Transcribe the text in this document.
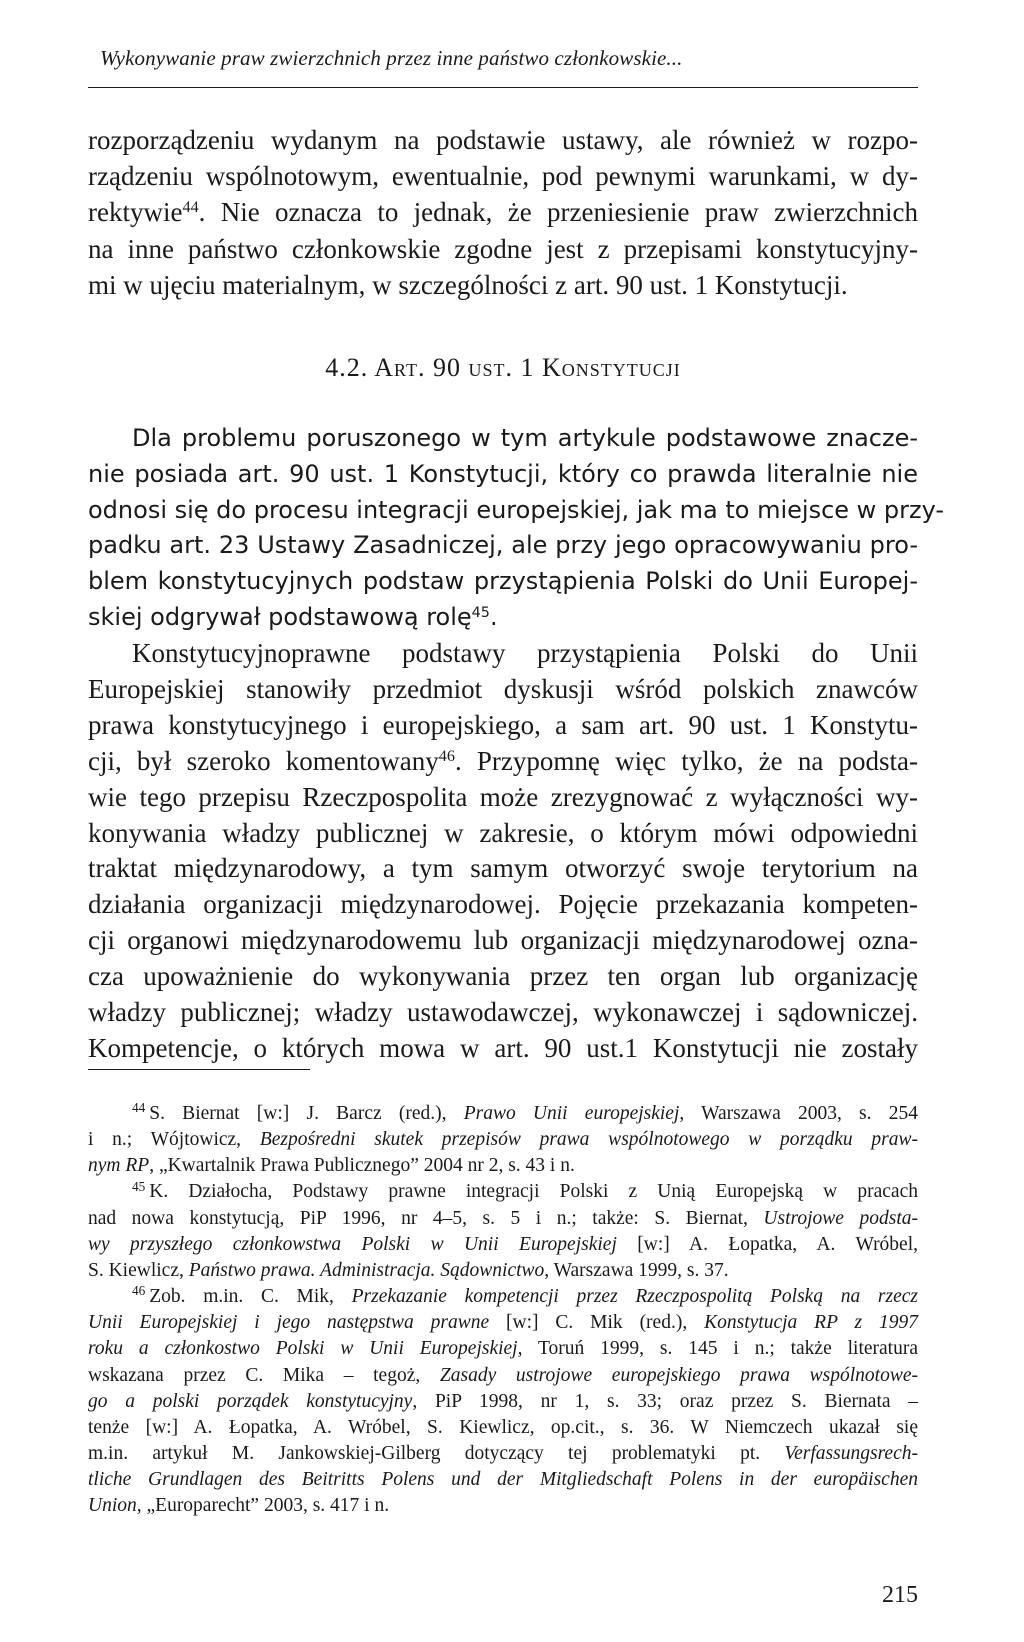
Wykonywanie praw zwierzchnich przez inne państwo członkowskie...
rozporządzeniu wydanym na podstawie ustawy, ale również w rozpo-
rządzeniu wspólnotowym, ewentualnie, pod pewnymi warunkami, w dy-
rektywie$^{44}$. Nie oznacza to jednak, że przeniesienie praw zwierzchnich
na inne państwo członkowskie zgodne jest z przepisami konstytucyjny-
mi w ujęciu materialnym, w szczególności z art. 90 ust. 1 Konstytucji.
4.2. Art. 90 ust. 1 Konstytucji
Dla problemu poruszonego w tym artykule podstawowe znacze-
nie posiada art. 90 ust. 1 Konstytucji, który co prawda literalnie nie
odnosi się do procesu integracji europejskiej, jak ma to miejsce w przy-
padku art. 23 Ustawy Zasadniczej, ale przy jego opracowywaniu pro-
blem konstytucyjnych podstaw przystąpienia Polski do Unii Europej-
skiej odgrywał podstawową rolę$^{45}$.
Konstytucyjnoprawne podstawy przystąpienia Polski do Unii
Europejskiej stanowiły przedmiot dyskusji wśród polskich znawców
prawa konstytucyjnego i europejskiego, a sam art. 90 ust. 1 Konstytu-
cji, był szeroko komentowany$^{46}$. Przypomnę więc tylko, że na podsta-
wie tego przepisu Rzeczpospolita może zrezygnować z wyłączności wy-
konywania władzy publicznej w zakresie, o którym mówi odpowiedni
traktat międzynarodowy, a tym samym otworzyć swoje terytorium na
działania organizacji międzynarodowej. Pojęcie przekazania kompeten-
cji organowi międzynarodowemu lub organizacji międzynarodowej ozna-
cza upoważnienie do wykonywania przez ten organ lub organizację
władzy publicznej; władzy ustawodawczej, wykonawczej i sądowniczej.
Kompetencje, o których mowa w art. 90 ust.1 Konstytucji nie zostały
$^{44}$ S. Biernat [w:] J. Barcz (red.), Prawo Unii europejskiej, Warszawa 2003, s. 254
i n.; Wójtowicz, Bezpośredni skutek przepisów prawa wspólnotowego w porządku praw-
nym RP, „Kwartalnik Prawa Publicznego” 2004 nr 2, s. 43 i n.
$^{45}$ K. Działocha, Podstawy prawne integracji Polski z Unią Europejską w pracach
nad nowa konstytucją, PiP 1996, nr 4–5, s. 5 i n.; także: S. Biernat, Ustrojowe podsta-
wy przyszłego członkowstwa Polski w Unii Europejskiej [w:] A. Łopatka, A. Wróbel,
S. Kiewlicz, Państwo prawa. Administracja. Sądownictwo, Warszawa 1999, s. 37.
$^{46}$ Zob. m.in. C. Mik, Przekazanie kompetencji przez Rzeczpospolitą Polską na rzecz
Unii Europejskiej i jego następstwa prawne [w:] C. Mik (red.), Konstytucja RP z 1997
roku a członkostwo Polski w Unii Europejskiej, Toruń 1999, s. 145 i n.; także literatura
wskazana przez C. Mika – tegoż, Zasady ustrojowe europejskiego prawa wspólnotowe-
go a polski porządek konstytucyjny, PiP 1998, nr 1, s. 33; oraz przez S. Biernata –
tenże [w:] A. Łopatka, A. Wróbel, S. Kiewlicz, op.cit., s. 36. W Niemczech ukazał się
m.in. artykuł M. Jankowskiej-Gilberg dotyczący tej problematyki pt. Verfassungsrech-
tliche Grundlagen des Beitritts Polens und der Mitgliedschaft Polens in der europäischen
Union, „Europarecht” 2003, s. 417 i n.
215
